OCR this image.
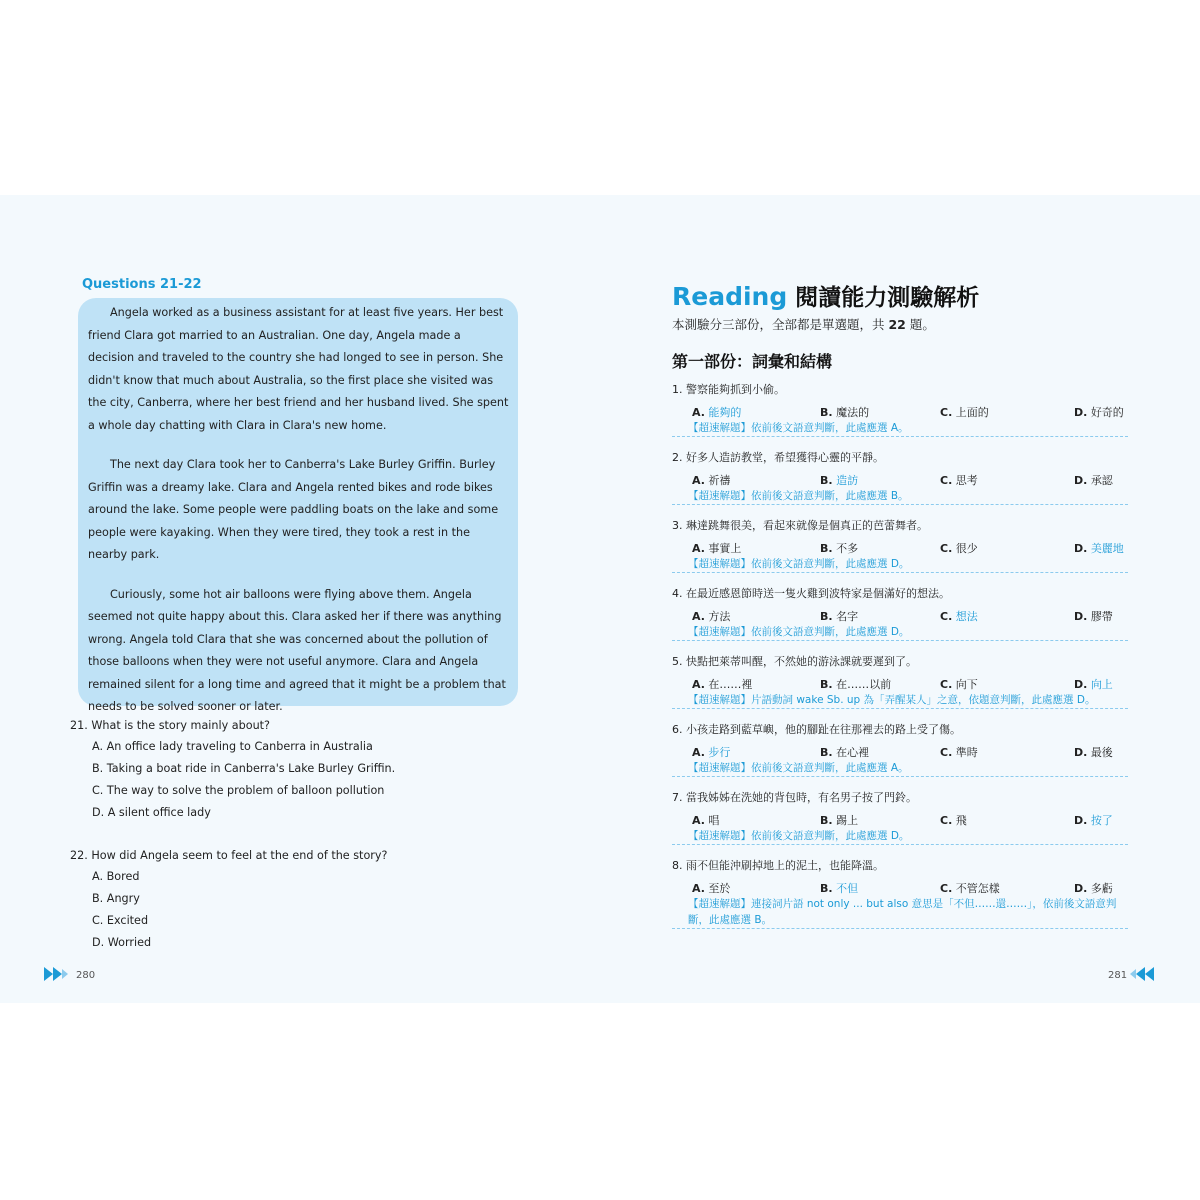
Questions 21-22

Angela worked as a business assistant for at least five years. Her best friend Clara got married to an Australian. One day, Angela made a decision and traveled to the country she had longed to see in person. She didn't know that much about Australia, so the first place she visited was the city, Canberra, where her best friend and her husband lived. She spent a whole day chatting with Clara in Clara's new home.

The next day Clara took her to Canberra's Lake Burley Griffin. Burley Griffin was a dreamy lake. Clara and Angela rented bikes and rode bikes around the lake. Some people were paddling boats on the lake and some people were kayaking. When they were tired, they took a rest in the nearby park.

Curiously, some hot air balloons were flying above them. Angela seemed not quite happy about this. Clara asked her if there was anything wrong. Angela told Clara that she was concerned about the pollution of those balloons when they were not useful anymore. Clara and Angela remained silent for a long time and agreed that it might be a problem that needs to be solved sooner or later.

21. What is the story mainly about?
A. An office lady traveling to Canberra in Australia
B. Taking a boat ride in Canberra's Lake Burley Griffin.
C. The way to solve the problem of balloon pollution
D. A silent office lady
22. How did Angela seem to feel at the end of the story?
A. Bored
B. Angry
C. Excited
D. Worried
280
Reading 閱讀能力測驗解析
本測驗分三部份，全部都是單選題，共 22 題。
第一部份：詞彙和結構
1. 警察能夠抓到小偷。
A. 能夠的	B. 魔法的	C. 上面的	D. 好奇的
【超速解題】依前後文語意判斷，此處應選 A。
2. 好多人造訪教堂，希望獲得心靈的平靜。
A. 祈禱	B. 造訪	C. 思考	D. 承認
【超速解題】依前後文語意判斷，此處應選 B。
3. 琳達跳舞很美，看起來就像是個真正的芭蕾舞者。
A. 事實上	B. 不多	C. 很少	D. 美麗地
【超速解題】依前後文語意判斷，此處應選 D。
4. 在最近感恩節時送一隻火雞到波特家是個滿好的想法。
A. 方法	B. 名字	C. 想法	D. 膠帶
【超速解題】依前後文語意判斷，此處應選 D。
5. 快點把萊蒂叫醒，不然她的游泳課就要遲到了。
A. 在……裡	B. 在……以前	C. 向下	D. 向上
【超速解題】片語動詞 wake Sb. up 為「弄醒某人」之意，依題意判斷，此處應選 D。
6. 小孩走路到藍草嶼，他的腳趾在往那裡去的路上受了傷。
A. 步行	B. 在心裡	C. 準時	D. 最後
【超速解題】依前後文語意判斷，此處應選 A。
7. 當我姊姊在洗她的背包時，有名男子按了門鈴。
A. 唱	B. 踢上	C. 飛	D. 按了
【超速解題】依前後文語意判斷，此處應選 D。
8. 雨不但能沖刷掉地上的泥土，也能降溫。
A. 至於	B. 不但	C. 不管怎樣	D. 多虧
【超速解題】連接詞片語 not only ... but also 意思是「不但……還……」，依前後文語意判斷，此處應選 B。
281
